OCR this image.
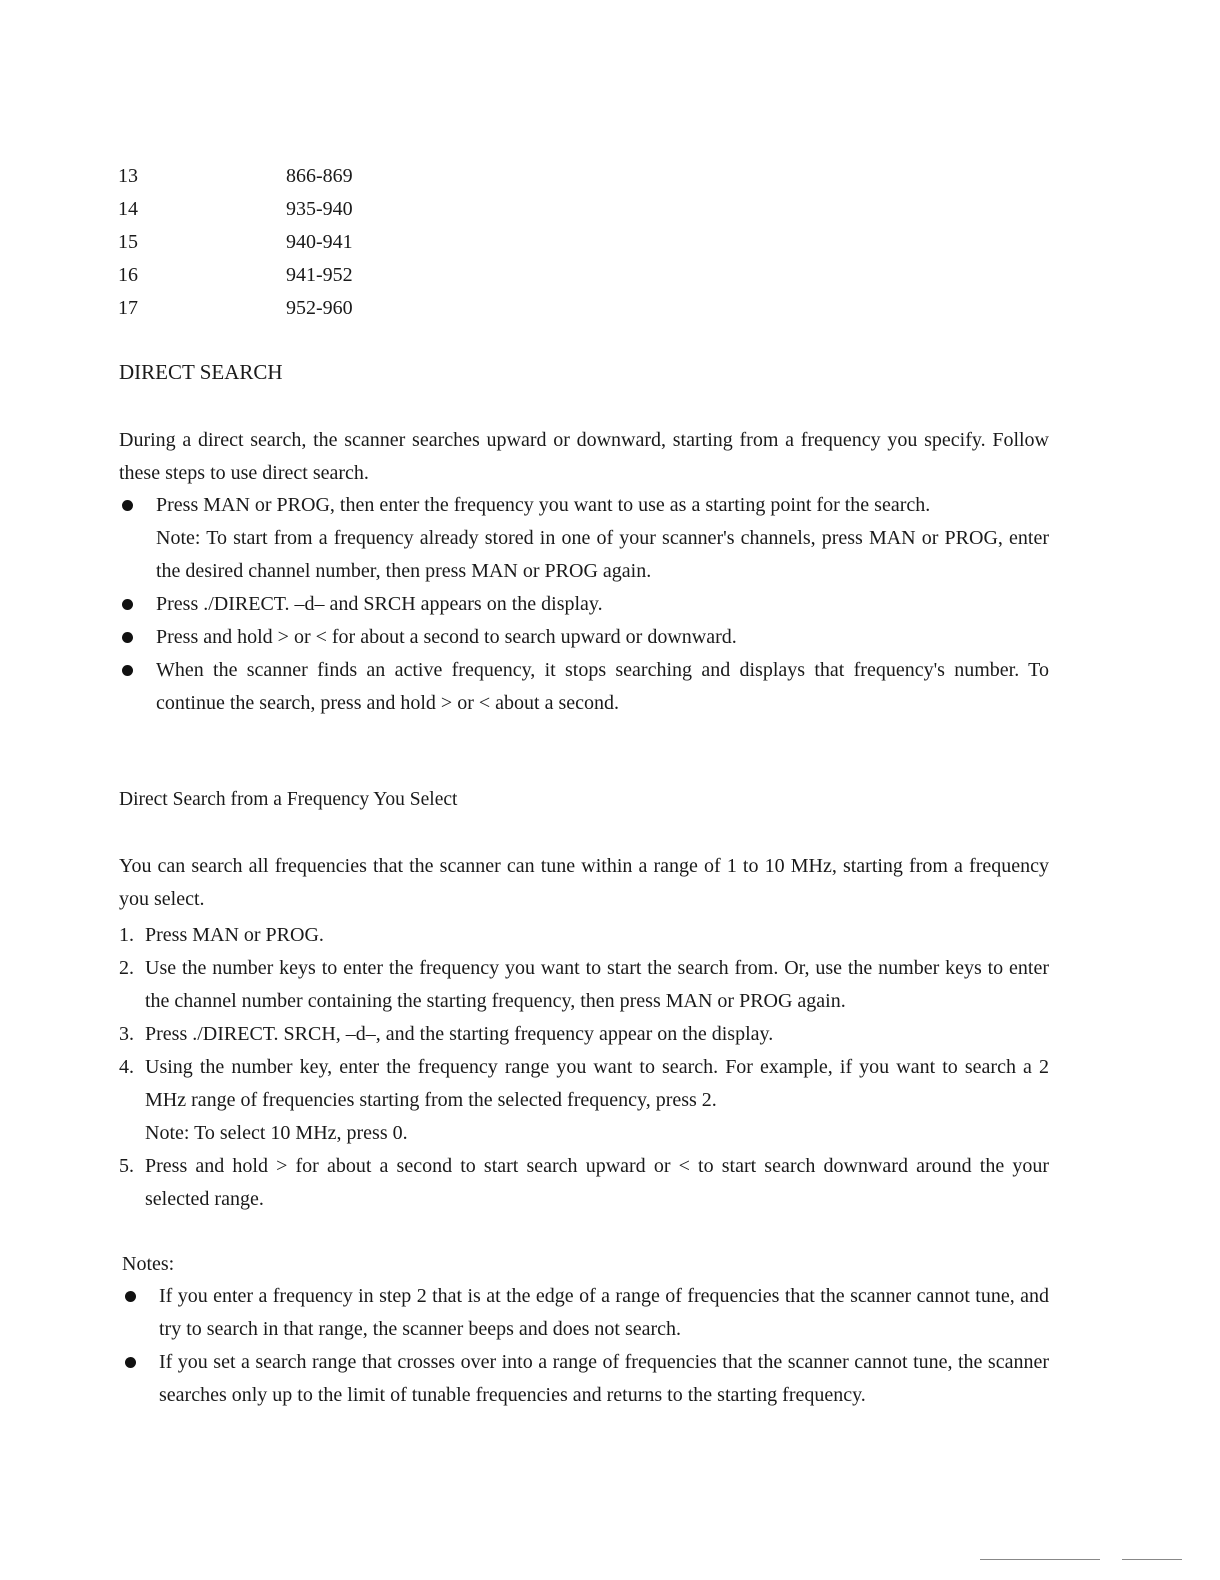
13	866-869
14	935-940
15	940-941
16	941-952
17	952-960
DIRECT SEARCH
During a direct search, the scanner searches upward or downward, starting from a frequency you specify. Follow these steps to use direct search.
Press MAN or PROG, then enter the frequency you want to use as a starting point for the search.
Note: To start from a frequency already stored in one of your scanner's channels, press MAN or PROG, enter the desired channel number, then press MAN or PROG again.
Press ./DIRECT. –d– and SRCH appears on the display.
Press and hold > or < for about a second to search upward or downward.
When the scanner finds an active frequency, it stops searching and displays that frequency's number. To continue the search, press and hold > or < about a second.
Direct Search from a Frequency You Select
You can search all frequencies that the scanner can tune within a range of 1 to 10 MHz, starting from a frequency you select.
1. Press MAN or PROG.
2. Use the number keys to enter the frequency you want to start the search from. Or, use the number keys to enter the channel number containing the starting frequency, then press MAN or PROG again.
3. Press ./DIRECT. SRCH, –d–, and the starting frequency appear on the display.
4. Using the number key, enter the frequency range you want to search. For example, if you want to search a 2 MHz range of frequencies starting from the selected frequency, press 2.
Note: To select 10 MHz, press 0.
5. Press and hold > for about a second to start search upward or < to start search downward around the your selected range.
Notes:
If you enter a frequency in step 2 that is at the edge of a range of frequencies that the scanner cannot tune, and try to search in that range, the scanner beeps and does not search.
If you set a search range that crosses over into a range of frequencies that the scanner cannot tune, the scanner searches only up to the limit of tunable frequencies and returns to the starting frequency.
